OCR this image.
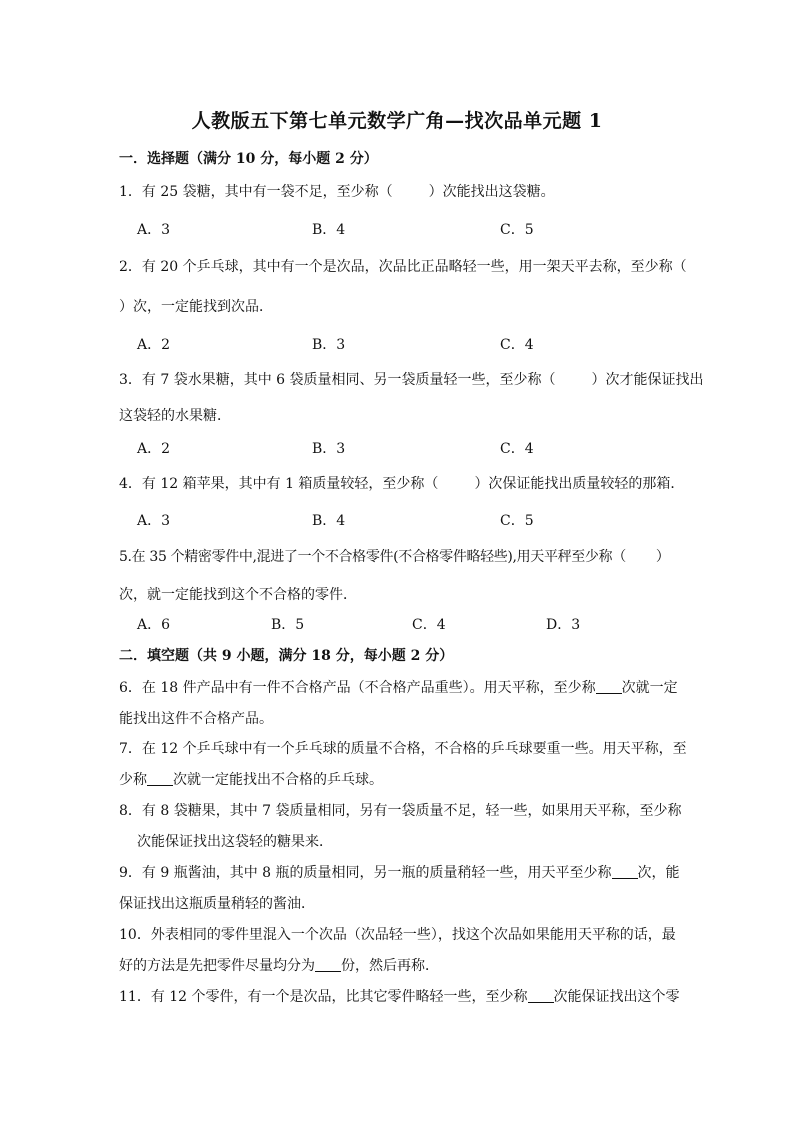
人教版五下第七单元数学广角—找次品单元题 1
一．选择题（满分 10 分，每小题 2 分）
1．有 25 袋糖，其中有一袋不足，至少称（	）次能找出这袋糖。
A．3	B．4	C．5
2．有 20 个乒乓球，其中有一个是次品，次品比正品略轻一些，用一架天平去称，至少称（
）次，一定能找到次品．
A．2	B．3	C．4
3．有 7 袋水果糖，其中 6 袋质量相同、另一袋质量轻一些，至少称（	）次才能保证找出
这袋轻的水果糖．
A．2	B．3	C．4
4．有 12 箱苹果，其中有 1 箱质量较轻，至少称（	）次保证能找出质量较轻的那箱．
A．3	B．4	C．5
5.在 35 个精密零件中,混进了一个不合格零件(不合格零件略轻些),用天平秤至少称（ ）
次，就一定能找到这个不合格的零件．
A．6	B．5	C．4	D．3
二．填空题（共 9 小题，满分 18 分，每小题 2 分）
6．在 18 件产品中有一件不合格产品（不合格产品重些）。用天平称，至少称 次就一定
能找出这件不合格产品。
7．在 12 个乒乓球中有一个乒乓球的质量不合格，不合格的乒乓球要重一些。用天平称，至
少称 次就一定能找出不合格的乒乓球。
8．有 8 袋糖果，其中 7 袋质量相同，另有一袋质量不足，轻一些，如果用天平称，至少称
次能保证找出这袋轻的糖果来．
9．有 9 瓶酱油，其中 8 瓶的质量相同，另一瓶的质量稍轻一些，用天平至少称 次，能
保证找出这瓶质量稍轻的酱油．
10．外表相同的零件里混入一个次品（次品轻一些），找这个次品如果能用天平称的话，最
好的方法是先把零件尽量均分为 份，然后再称．
11．有 12 个零件，有一个是次品，比其它零件略轻一些，至少称 次能保证找出这个零
